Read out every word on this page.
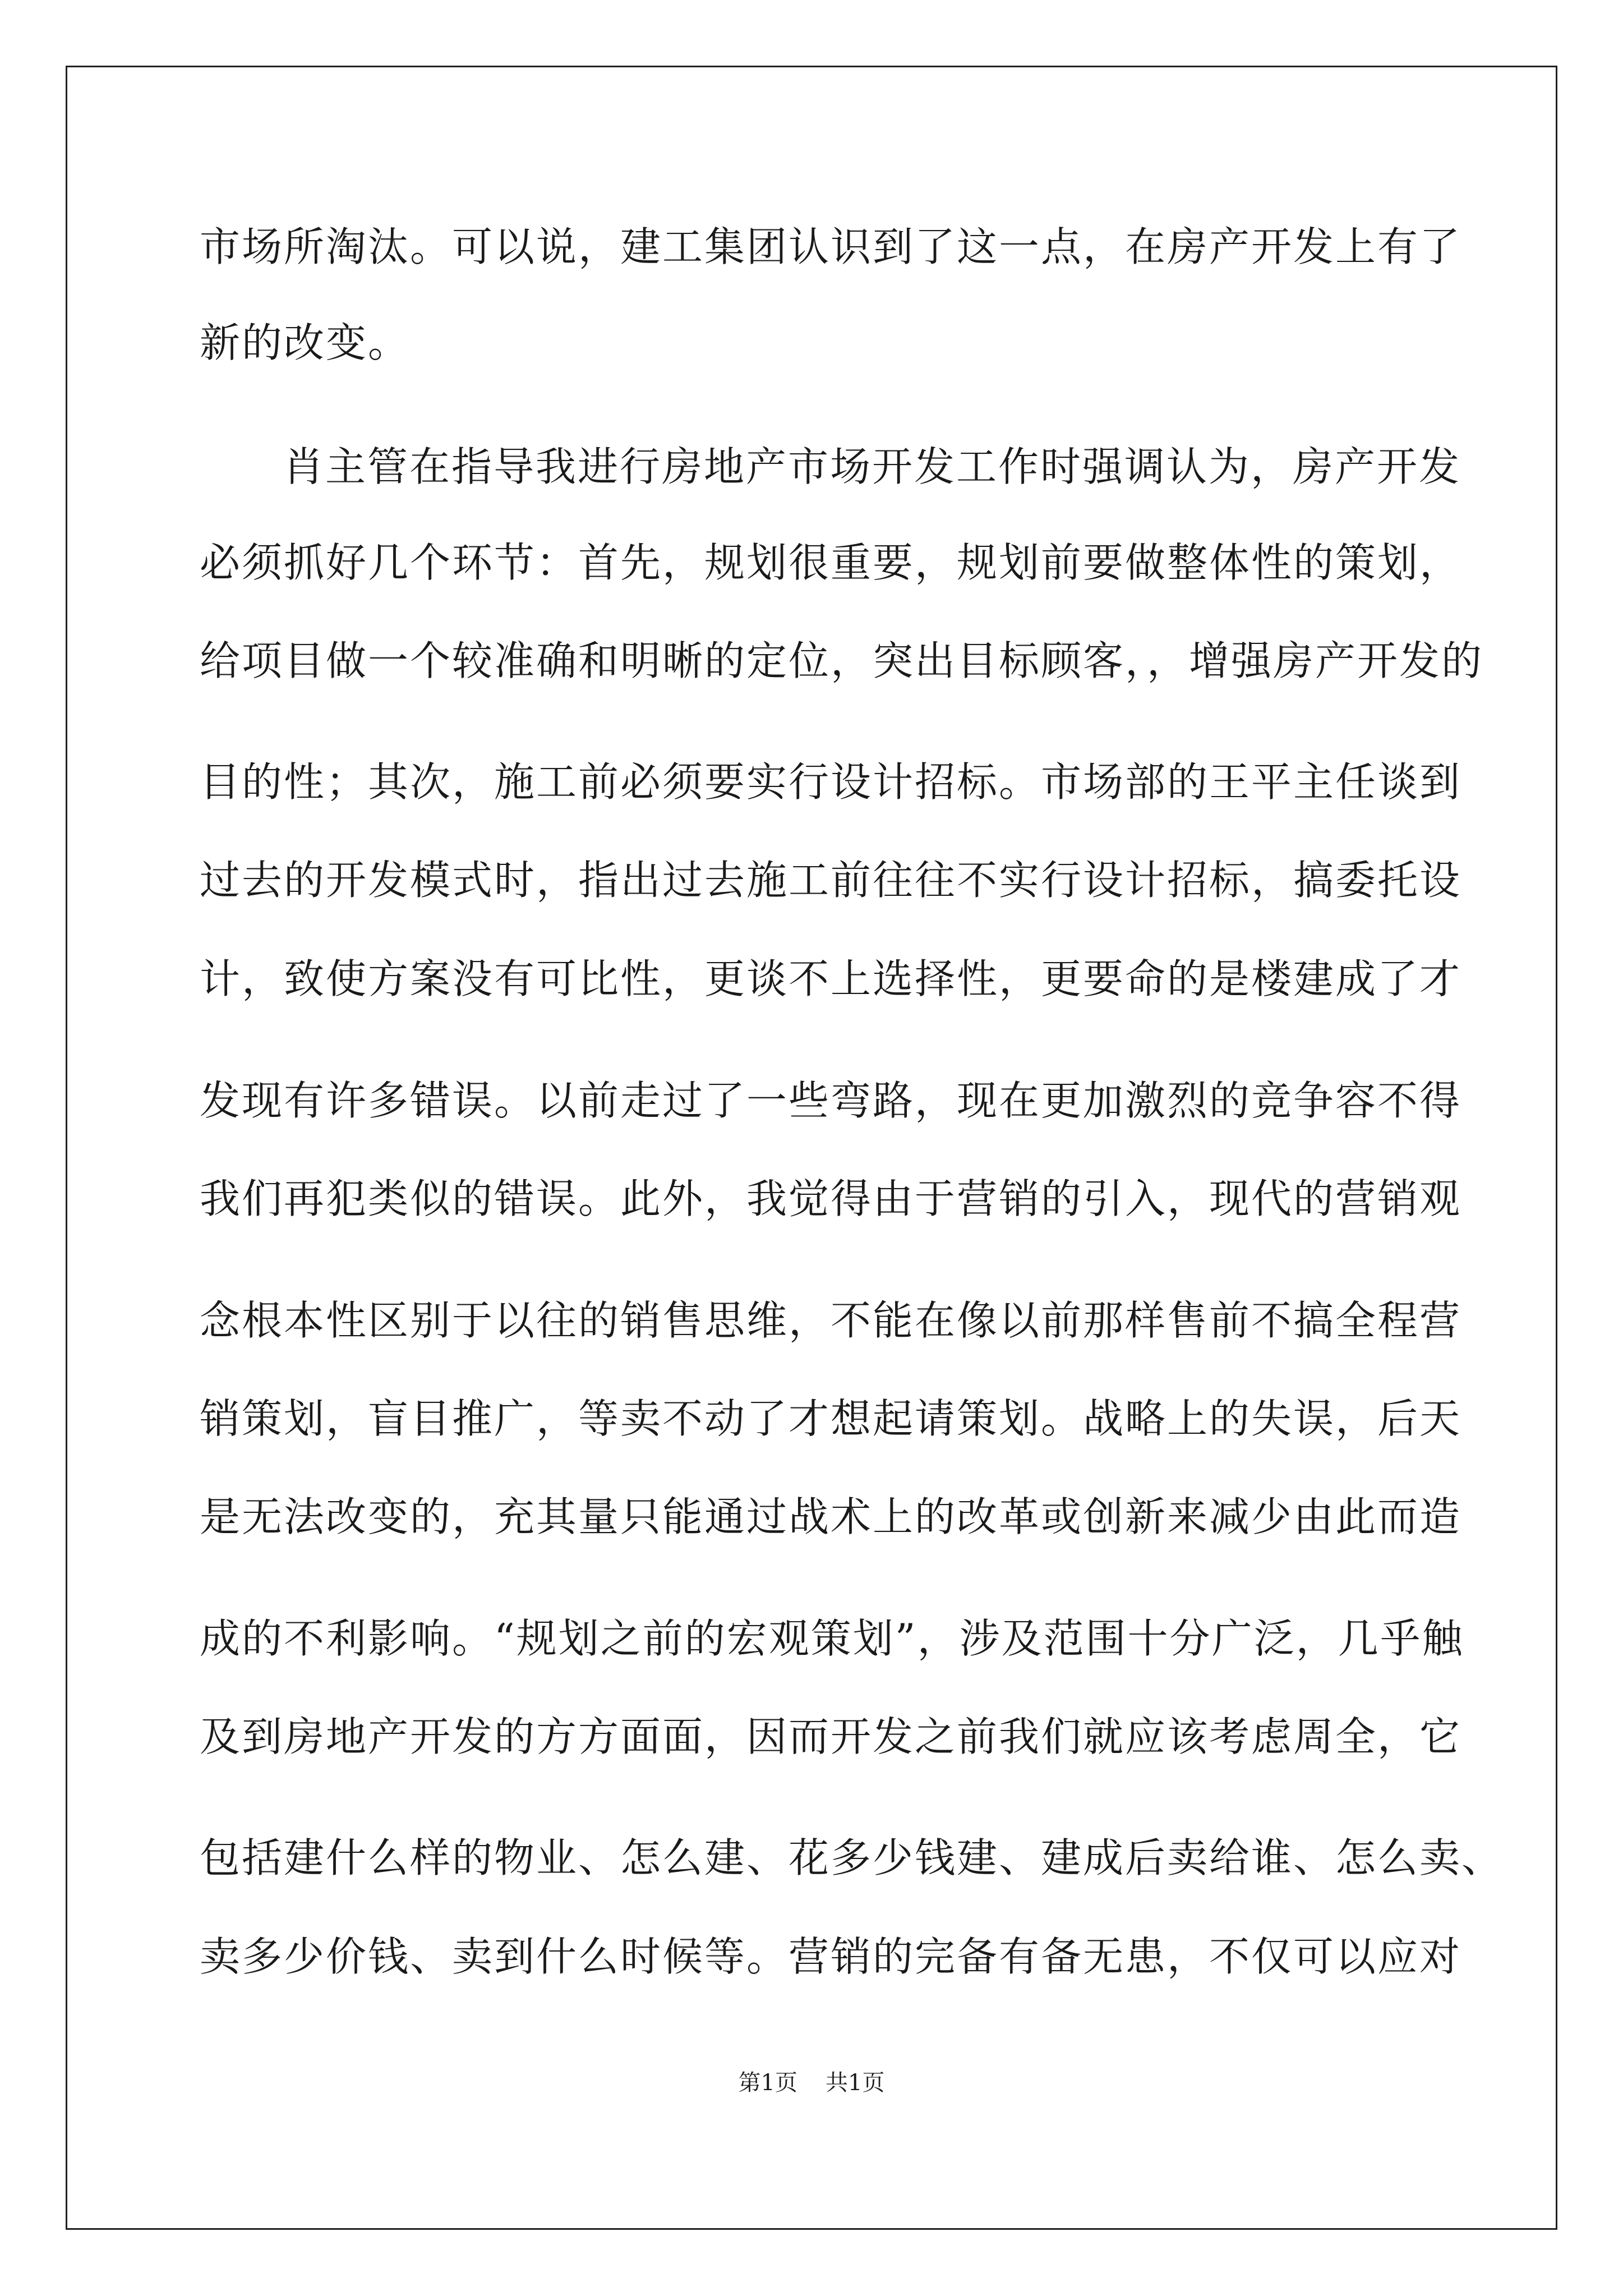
市场所淘汰。可以说，建工集团认识到了这一点，在房产开发上有了
新的改变。
肖主管在指导我进行房地产市场开发工作时强调认为，房产开发
必须抓好几个环节：首先，规划很重要，规划前要做整体性的策划，
给项目做一个较准确和明晰的定位，突出目标顾客，，增强房产开发的
目的性；其次，施工前必须要实行设计招标。市场部的王平主任谈到
过去的开发模式时，指出过去施工前往往不实行设计招标，搞委托设
计，致使方案没有可比性，更谈不上选择性，更要命的是楼建成了才
发现有许多错误。以前走过了一些弯路，现在更加激烈的竞争容不得
我们再犯类似的错误。此外，我觉得由于营销的引入，现代的营销观
念根本性区别于以往的销售思维，不能在像以前那样售前不搞全程营
销策划，盲目推广，等卖不动了才想起请策划。战略上的失误，后天
是无法改变的，充其量只能通过战术上的改革或创新来减少由此而造
成的不利影响。“规划之前的宏观策划”，涉及范围十分广泛，几乎触
及到房地产开发的方方面面，因而开发之前我们就应该考虑周全，它
包括建什么样的物业、怎么建、花多少钱建、建成后卖给谁、怎么卖、
卖多少价钱、卖到什么时候等。营销的完备有备无患，不仅可以应对
第1页 共1页
